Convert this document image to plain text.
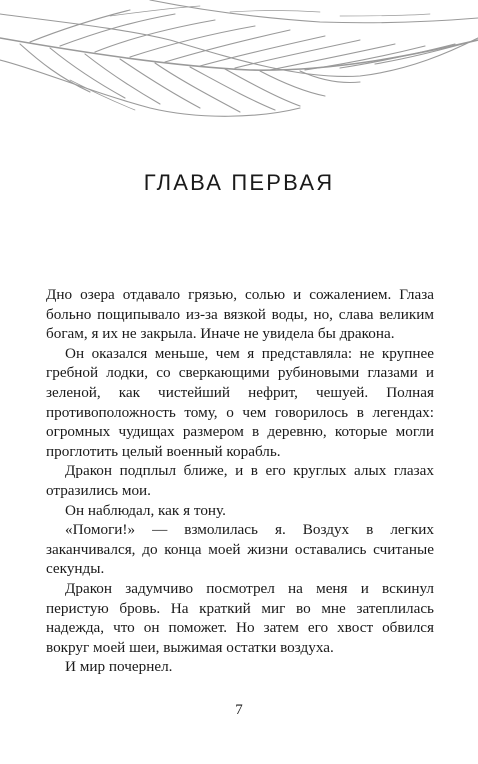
ГЛАВА ПЕРВАЯ

Дно озера отдавало грязью, солью и сожалением. Глаза больно пощипывало из-за вязкой воды, но, слава великим богам, я их не закрыла. Иначе не увидела бы дракона.

Он оказался меньше, чем я представляла: не крупнее гребной лодки, со сверкающими рубиновыми глазами и зеленой, как чистейший нефрит, чешуей. Полная противоположность тому, о чем говорилось в легендах: огромных чудищах размером в деревню, которые могли проглотить целый военный корабль.

Дракон подплыл ближе, и в его круглых алых глазах отразились мои.

Он наблюдал, как я тону.

«Помоги!» — взмолилась я. Воздух в легких заканчивался, до конца моей жизни оставались считаные секунды.

Дракон задумчиво посмотрел на меня и вскинул перистую бровь. На краткий миг во мне затеплилась надежда, что он поможет. Но затем его хвост обвился вокруг моей шеи, выжимая остатки воздуха.

И мир почернел.

7
